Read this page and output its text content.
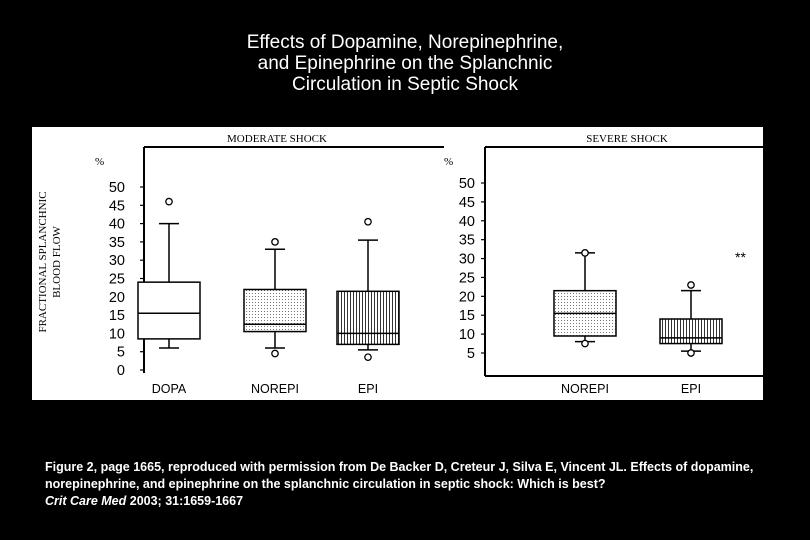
Effects of Dopamine, Norepinephrine,
and Epinephrine on the Splanchnic
Circulation in Septic Shock
MODERATE SHOCK
%
FRACTIONAL SPLANCHNIC BLOOD FLOW
0
5
10
15
20
25
30
35
40
45
50
DOPA	NOREPI	EPI
SEVERE SHOCK
%
5
10
15
20
25
30
35
40
45
50
NOREPI	EPI
**
Figure 2, page 1665, reproduced with permission from De Backer D, Creteur J, Silva E, Vincent JL. Effects of dopamine, norepinephrine, and epinephrine on the splanchnic circulation in septic shock: Which is best?
Crit Care Med 2003; 31:1659-1667
